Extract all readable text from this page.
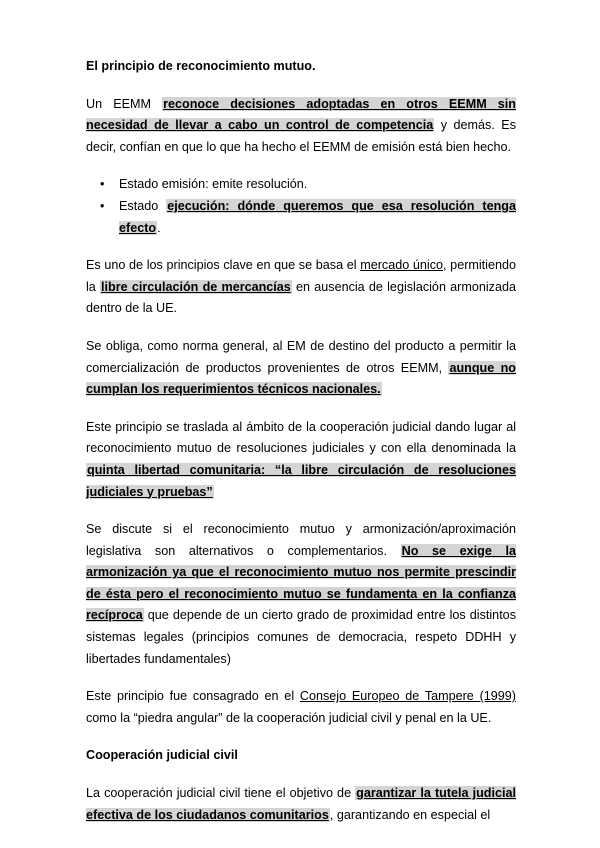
El principio de reconocimiento mutuo.

Un EEMM reconoce decisiones adoptadas en otros EEMM sin necesidad de llevar a cabo un control de competencia y demás. Es decir, confían en que lo que ha hecho el EEMM de emisión está bien hecho.

• Estado emisión: emite resolución.
• Estado ejecución: dónde queremos que esa resolución tenga efecto.

Es uno de los principios clave en que se basa el mercado único, permitiendo la libre circulación de mercancías en ausencia de legislación armonizada dentro de la UE.

Se obliga, como norma general, al EM de destino del producto a permitir la comercialización de productos provenientes de otros EEMM, aunque no cumplan los requerimientos técnicos nacionales.

Este principio se traslada al ámbito de la cooperación judicial dando lugar al reconocimiento mutuo de resoluciones judiciales y con ella denominada la quinta libertad comunitaria: “la libre circulación de resoluciones judiciales y pruebas”

Se discute si el reconocimiento mutuo y armonización/aproximación legislativa son alternativos o complementarios. No se exige la armonización ya que el reconocimiento mutuo nos permite prescindir de ésta pero el reconocimiento mutuo se fundamenta en la confianza recíproca que depende de un cierto grado de proximidad entre los distintos sistemas legales (principios comunes de democracia, respeto DDHH y libertades fundamentales)

Este principio fue consagrado en el Consejo Europeo de Tampere (1999) como la “piedra angular” de la cooperación judicial civil y penal en la UE.

Cooperación judicial civil

La cooperación judicial civil tiene el objetivo de garantizar la tutela judicial efectiva de los ciudadanos comunitarios, garantizando en especial el
